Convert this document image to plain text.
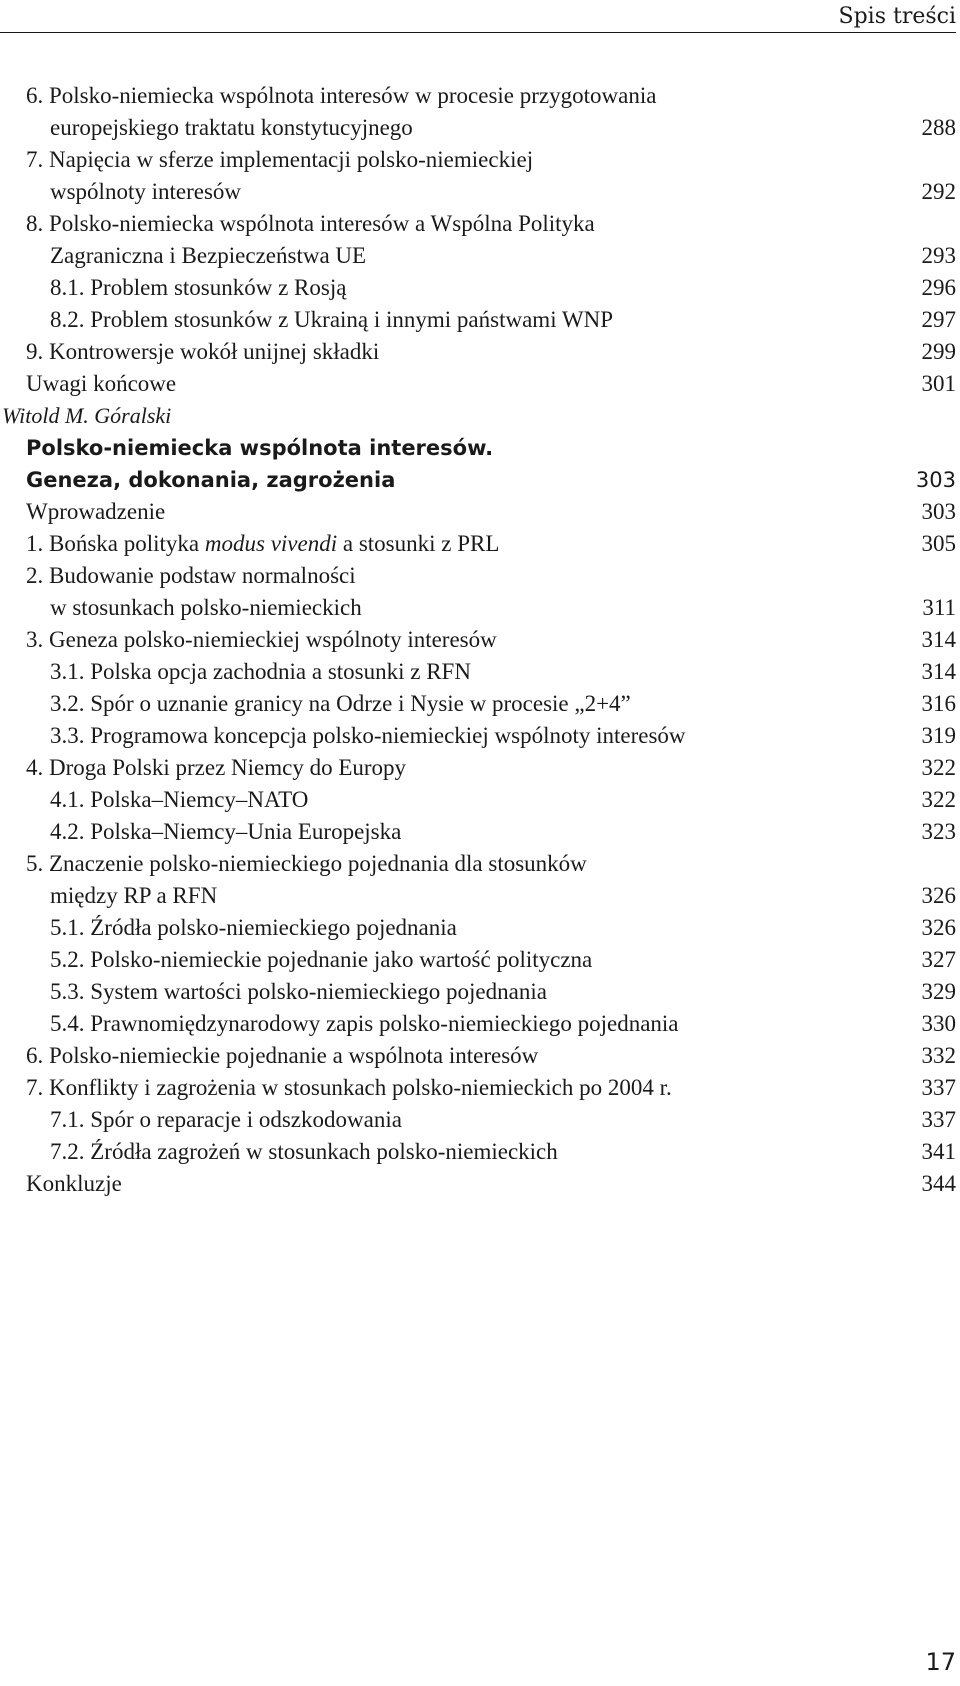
Spis treści
6. Polsko-niemiecka wspólnota interesów w procesie przygotowania
europejskiego traktatu konstytucyjnego	288
7. Napięcia w sferze implementacji polsko-niemieckiej
wspólnoty interesów	292
8. Polsko-niemiecka wspólnota interesów a Wspólna Polityka
Zagraniczna i Bezpieczeństwa UE	293
8.1. Problem stosunków z Rosją	296
8.2. Problem stosunków z Ukrainą i innymi państwami WNP	297
9. Kontrowersje wokół unijnej składki	299
Uwagi końcowe	301
Witold M. Góralski
Polsko-niemiecka wspólnota interesów.
Geneza, dokonania, zagrożenia	303
Wprowadzenie	303
1. Bońska polityka modus vivendi a stosunki z PRL	305
2. Budowanie podstaw normalności
w stosunkach polsko-niemieckich	311
3. Geneza polsko-niemieckiej wspólnoty interesów	314
3.1. Polska opcja zachodnia a stosunki z RFN	314
3.2. Spór o uznanie granicy na Odrze i Nysie w procesie „2+4”	316
3.3. Programowa koncepcja polsko-niemieckiej wspólnoty interesów	319
4. Droga Polski przez Niemcy do Europy	322
4.1. Polska–Niemcy–NATO	322
4.2. Polska–Niemcy–Unia Europejska	323
5. Znaczenie polsko-niemieckiego pojednania dla stosunków
między RP a RFN	326
5.1. Źródła polsko-niemieckiego pojednania	326
5.2. Polsko-niemieckie pojednanie jako wartość polityczna	327
5.3. System wartości polsko-niemieckiego pojednania	329
5.4. Prawnomiędzynarodowy zapis polsko-niemieckiego pojednania	330
6. Polsko-niemieckie pojednanie a wspólnota interesów	332
7. Konflikty i zagrożenia w stosunkach polsko-niemieckich po 2004 r.	337
7.1. Spór o reparacje i odszkodowania	337
7.2. Źródła zagrożeń w stosunkach polsko-niemieckich	341
Konkluzje	344
17
